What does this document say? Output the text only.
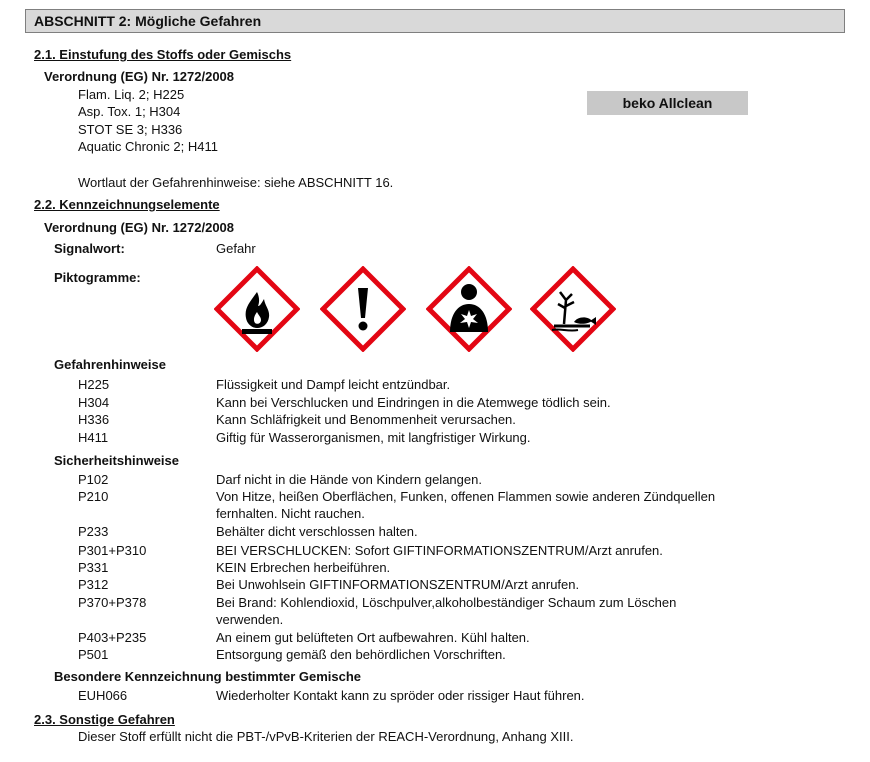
ABSCHNITT 2: Mögliche Gefahren
2.1. Einstufung des Stoffs oder Gemischs
Verordnung (EG) Nr. 1272/2008
Flam. Liq. 2; H225
Asp. Tox. 1; H304
STOT SE 3; H336
Aquatic Chronic 2; H411
Wortlaut der Gefahrenhinweise: siehe ABSCHNITT 16.
beko Allclean
2.2. Kennzeichnungselemente
Verordnung (EG) Nr. 1272/2008
Signalwort:	Gefahr
Piktogramme:
Gefahrenhinweise
H225	Flüssigkeit und Dampf leicht entzündbar.
H304	Kann bei Verschlucken und Eindringen in die Atemwege tödlich sein.
H336	Kann Schläfrigkeit und Benommenheit verursachen.
H411	Giftig für Wasserorganismen, mit langfristiger Wirkung.
Sicherheitshinweise
P102	Darf nicht in die Hände von Kindern gelangen.
P210	Von Hitze, heißen Oberflächen, Funken, offenen Flammen sowie anderen Zündquellen
fernhalten. Nicht rauchen.
P233	Behälter dicht verschlossen halten.
P301+P310	BEI VERSCHLUCKEN: Sofort GIFTINFORMATIONSZENTRUM/Arzt anrufen.
P331	KEIN Erbrechen herbeiführen.
P312	Bei Unwohlsein GIFTINFORMATIONSZENTRUM/Arzt anrufen.
P370+P378	Bei Brand: Kohlendioxid, Löschpulver,alkoholbeständiger Schaum zum Löschen
verwenden.
P403+P235	An einem gut belüfteten Ort aufbewahren. Kühl halten.
P501	Entsorgung gemäß den behördlichen Vorschriften.
Besondere Kennzeichnung bestimmter Gemische
EUH066	Wiederholter Kontakt kann zu spröder oder rissiger Haut führen.
2.3. Sonstige Gefahren
Dieser Stoff erfüllt nicht die PBT-/vPvB-Kriterien der REACH-Verordnung, Anhang XIII.
